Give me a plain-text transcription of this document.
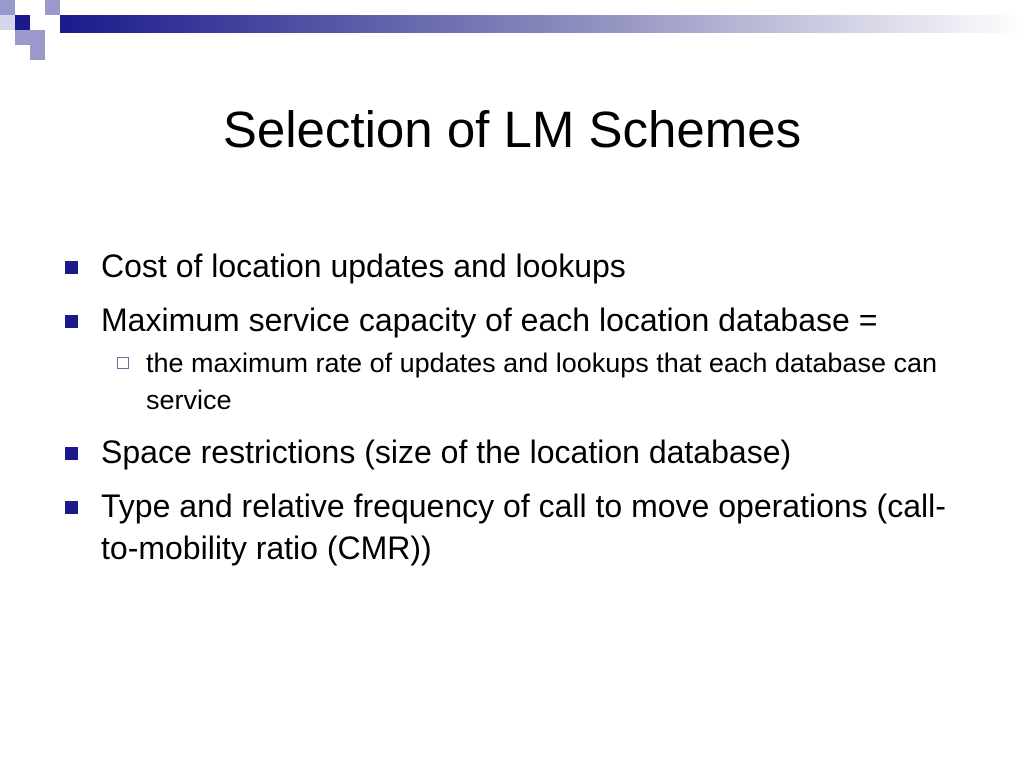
Selection of LM Schemes
Cost of location updates and lookups
Maximum service capacity of each location database =
the maximum rate of updates and lookups that each database can service
Space restrictions (size of the location database)
Type and relative frequency of call to move operations (call-to-mobility ratio (CMR))
